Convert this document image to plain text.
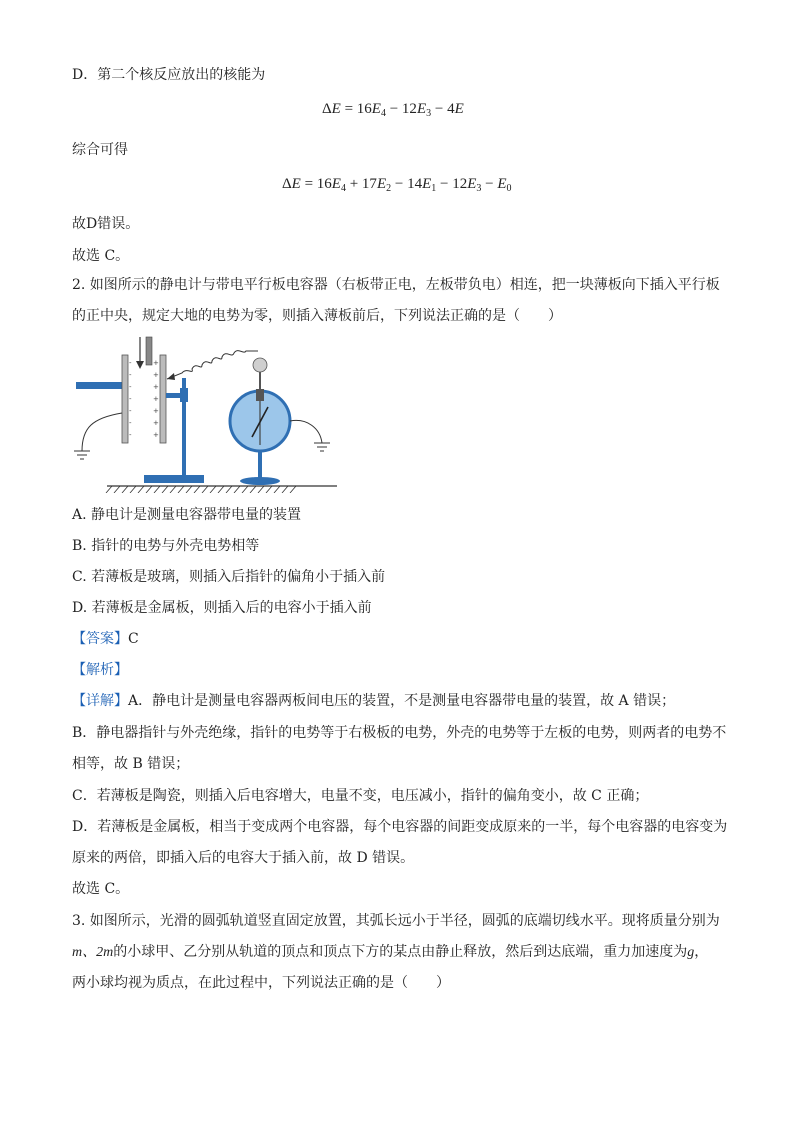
D．第二个核反应放出的核能为
$\Delta E = 16E_4 - 12E_3 - 4E$
综合可得
$\Delta E = 16E_4 + 17E_2 - 14E_1 - 12E_3 - E_0$
故D错误。
故选 C。
2. 如图所示的静电计与带电平行板电容器（右板带正电，左板带负电）相连，把一块薄板向下插入平行板
的正中央，规定大地的电势为零，则插入薄板前后，下列说法正确的是（　　）
-
-
-
-
-
-
-
+
+
+
+
+
+
+
A. 静电计是测量电容器带电量的装置
B. 指针的电势与外壳电势相等
C. 若薄板是玻璃，则插入后指针的偏角小于插入前
D. 若薄板是金属板，则插入后的电容小于插入前
【答案】C
【解析】
【详解】A．静电计是测量电容器两板间电压的装置，不是测量电容器带电量的装置，故 A 错误；
B．静电器指针与外壳绝缘，指针的电势等于右极板的电势，外壳的电势等于左板的电势，则两者的电势不
相等，故 B 错误；
C．若薄板是陶瓷，则插入后电容增大，电量不变，电压减小，指针的偏角变小，故 C 正确；
D．若薄板是金属板，相当于变成两个电容器，每个电容器的间距变成原来的一半，每个电容器的电容变为
原来的两倍，即插入后的电容大于插入前，故 D 错误。
故选 C。
3. 如图所示，光滑的圆弧轨道竖直固定放置，其弧长远小于半径，圆弧的底端切线水平。现将质量分别为
m、2m的小球甲、乙分别从轨道的顶点和顶点下方的某点由静止释放，然后到达底端，重力加速度为g，
两小球均视为质点，在此过程中，下列说法正确的是（　　）
